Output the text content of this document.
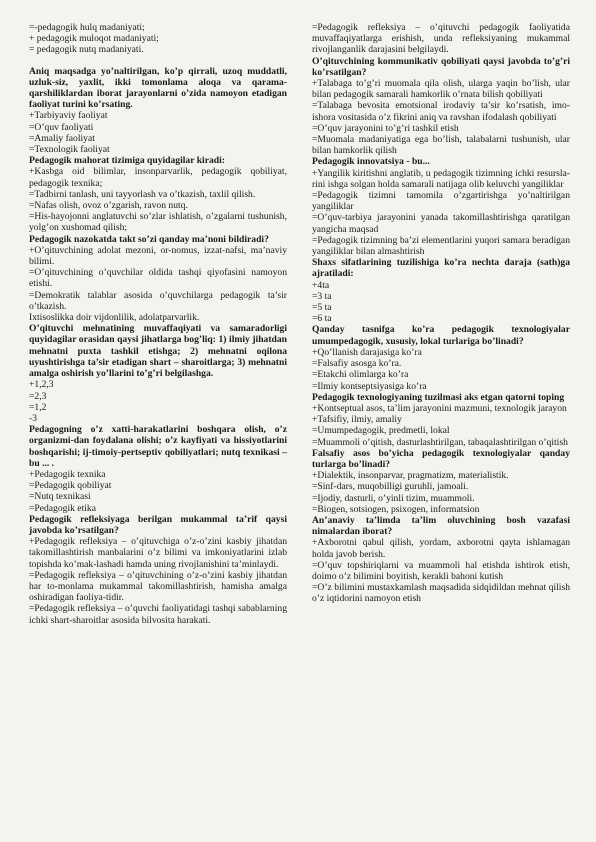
=-pedagogik hulq madaniyati;

+ pedagogik muloqot madaniyati;

= pedagogik nutq madaniyati.

Aniq maqsadga yo’naltirilgan, ko’p qirrali, uzoq muddatli, uzluk-siz, yaxlit, ikki tomonlama aloqa va qarama-qarshiliklardan iborat jarayonlarni o’zida namoyon etadigan faoliyat turini ko’rsating.

+Tarbiyaviy faoliyat

=O’quv faoliyati

=Amaliy faoliyat

=Texnologik faoliyat

Pedagogik mahorat tizimiga quyidagilar kiradi:

+Kasbga oid bilimlar, insonparvarlik, pedagogik qobiliyat, pedagogik texnika;

=Tadbirni tanlash, uni tayyorlash va o’tkazish, taxlil qilish.

=Nafas olish, ovoz o’zgarish, ravon nutq.

=His-hayojonni anglatuvchi so’zlar ishlatish, o’zgalarni tushunish, yolg’on xushomad qilish;

Pedagogik nazokatda takt so’zi qanday ma’noni bildiradi?

+O’qituvchining adolat mezoni, or-nomus, izzat-nafsi, ma’naviy bilimi.

=O’qituvchining o’quvchilar oldida tashqi qiyofasini namoyon etishi.

=Demokratik talablar asosida o’quvchilarga pedagogik ta’sir o’tkazish.

Ixtisoslikka doir vijdonlilik, adolatparvarlik.

O’qituvchi mehnatining muvaffaqiyati va samaradorligi quyidagilar orasidan qaysi jihatlarga bog’liq: 1) ilmiy jihatdan mehnatni puxta tashkil etishga; 2) mehnatni oqilona uyushtirishga ta’sir etadigan shart – sharoitlarga; 3) mehnatni amalga oshirish yo’llarini to’g’ri belgilashga.

+1,2,3

=2,3

=1,2

-3

Pedagogning o’z xatti-harakatlarini boshqara olish, o’z organizmi-dan foydalana olishi; o’z kayfiyati va hissiyotlarini boshqarishi; ij-timoiy-pertseptiv qobiliyatlari; nutq texnikasi – bu ... .

+Pedagogik texnika

=Pedagogik qobiliyat

=Nutq texnikasi

=Pedagogik etika

Pedagogik refleksiyaga berilgan mukammal ta’rif qaysi javobda ko’rsatilgan?

+Pedagogik refleksiya – o’qituvchiga o’z-o’zini kasbiy jihatdan takomillashtirish manbalarini o’z bilimi va imkoniyatlarini izlab topishda ko’mak-lashadi hamda uning rivojlanishini ta’minlaydi.

=Pedagogik refleksiya – o’qituvchining o’z-o’zini kasbiy jihatdan har to-monlama mukammal takomillashtirish, hamisha amalga oshiradigan faoliya-tidir.

=Pedagogik refleksiya – o’quvchi faoliyatidagi tashqi sabablarning ichki shart-sharoitlar asosida bilvosita harakati.

=Pedagogik refleksiya – o’qituvchi pedagogik faoliyatida muvaffaqiyatlarga erishish, unda refleksiyaning mukammal rivojlanganlik darajasini belgilaydi.

O’qituvchining kommunikativ qobiliyati qaysi javobda to’g’ri ko’rsatilgan?

+Talabaga to’g’ri muomala qila olish, ularga yaqin bo’lish, ular bilan pedagogik samarali hamkorlik o’rnata bilish qobiliyati

=Talabaga bevosita emotsional irodaviy ta’sir ko’rsatish, imo-ishora vositasida o’z fikrini aniq va ravshan ifodalash qobiliyati

=O’quv jarayonini to’g’ri tashkil etish

=Muomala madaniyatiga ega bo’lish, talabalarni tushunish, ular bilan hamkorlik qilish

Pedagogik innovatsiya - bu...

+Yangilik kiritishni anglatib, u pedagogik tizimning ichki resursla-rini ishga solgan holda samarali natijaga olib keluvchi yangiliklar

=Pedagogik tizimni tamomila o’zgartirishga yo’naltirilgan yangiliklar

=O’quv-tarbiya jarayonini yanada takomillashtirishga qaratilgan yangicha maqsad

=Pedagogik tizimning ba’zi elementlarini yuqori samara beradigan yangiliklar bilan almashtirish

Shaxs sifatlarining tuzilishiga ko’ra nechta daraja (sath)ga ajratiladi:

+4ta

=3 ta

=5 ta

=6 ta

Qanday tasnifga ko’ra pedagogik texnologiyalar umumpedagogik, xususiy, lokal turlariga bo’linadi?

+Qo’llanish darajasiga ko’ra

=Falsafiy asosga ko’ra.

=Etakchi olimlarga ko’ra

=Ilmiy kontseptsiyasiga ko’ra

Pedagogik texnologiyaning tuzilmasi aks etgan qatorni toping

+Kontseptual asos, ta’lim jarayonini mazmuni, texnologik jarayon

+Tafsifiy, ilmiy, amaliy

=Umumpedagogik, predmetli, lokal

=Muammoli o’qitish, dasturlashtirilgan, tabaqalashtirilgan o’qitish

Falsafiy asos bo’yicha pedagogik texnologiyalar qanday turlarga bo’linadi?

+Dialektik, insonparvar, pragmatizm, materialistik.

=Sinf-dars, muqobilligi guruhli, jamoali.

=Ijodiy, dasturli, o’yinli tizim, muammoli.

=Biogen, sotsiogen, psixogen, informatsion

An’anaviy ta’limda ta’lim oluvchining bosh vazafasi nimalardan iborat?

+Axborotni qabul qilish, yordam, axborotni qayta ishlamagan holda javob berish.

=O’quv topshiriqlarni va muammoli hal etishda ishtirok etish, doimo o’z bilimini boyitish, kerakli bahoni kutish

=O’z bilimini mustaxkamlash maqsadida sidqidildan mehnat qilish o’z iqtidorini namoyon etish
